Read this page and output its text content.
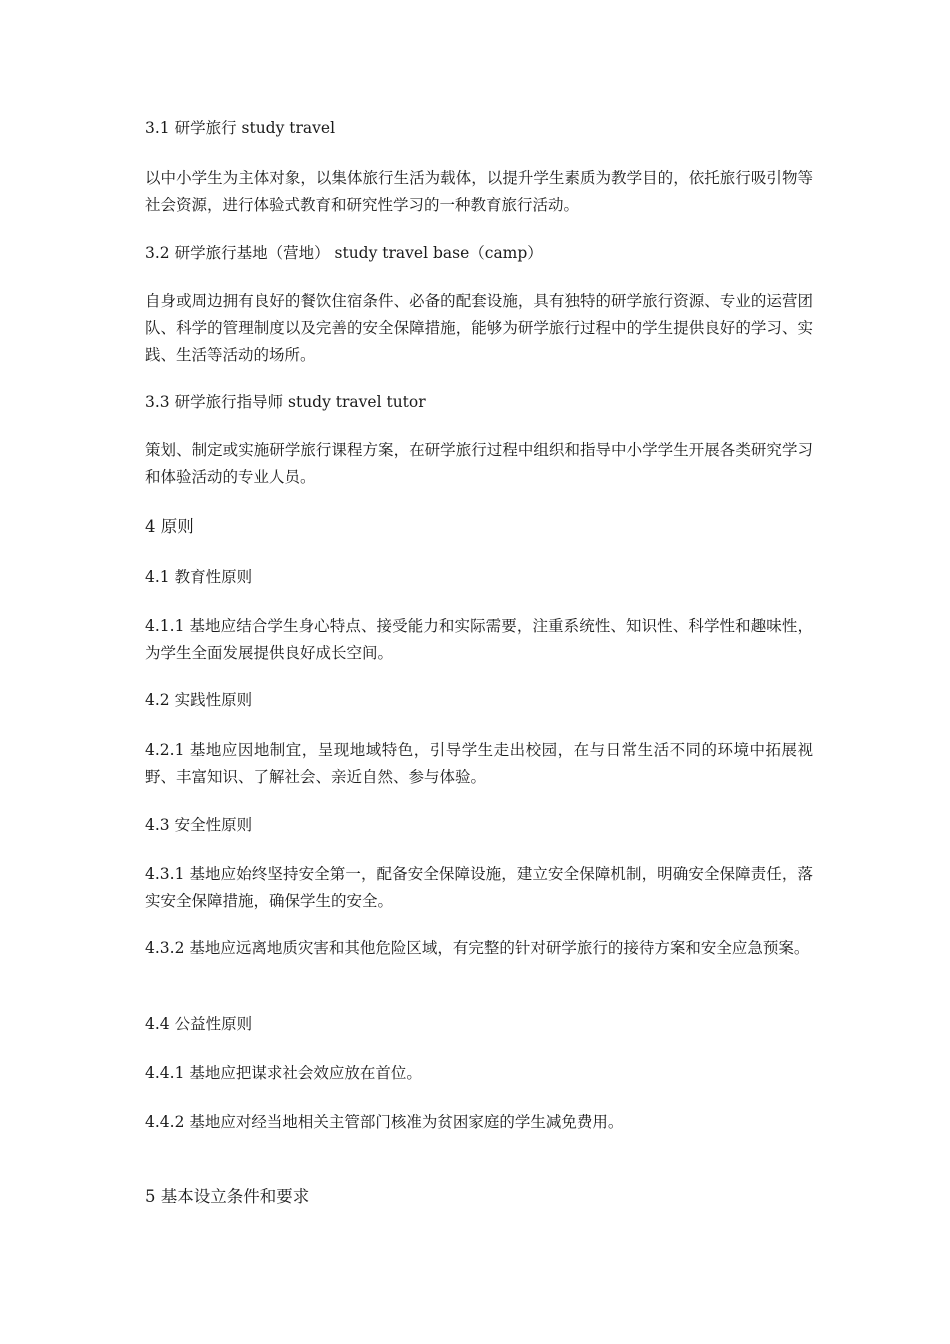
3.1 研学旅行 study travel
以中小学生为主体对象，以集体旅行生活为载体，以提升学生素质为教学目的，依托旅行吸引物等社会资源，进行体验式教育和研究性学习的一种教育旅行活动。
3.2 研学旅行基地（营地） study travel base（camp）
自身或周边拥有良好的餐饮住宿条件、必备的配套设施，具有独特的研学旅行资源、专业的运营团队、科学的管理制度以及完善的安全保障措施，能够为研学旅行过程中的学生提供良好的学习、实践、生活等活动的场所。
3.3 研学旅行指导师 study travel tutor
策划、制定或实施研学旅行课程方案，在研学旅行过程中组织和指导中小学学生开展各类研究学习和体验活动的专业人员。
4 原则
4.1 教育性原则
4.1.1 基地应结合学生身心特点、接受能力和实际需要，注重系统性、知识性、科学性和趣味性，为学生全面发展提供良好成长空间。
4.2 实践性原则
4.2.1 基地应因地制宜，呈现地域特色，引导学生走出校园，在与日常生活不同的环境中拓展视野、丰富知识、了解社会、亲近自然、参与体验。
4.3 安全性原则
4.3.1 基地应始终坚持安全第一，配备安全保障设施，建立安全保障机制，明确安全保障责任，落实安全保障措施，确保学生的安全。
4.3.2 基地应远离地质灾害和其他危险区域，有完整的针对研学旅行的接待方案和安全应急预案。
4.4 公益性原则
4.4.1 基地应把谋求社会效应放在首位。
4.4.2 基地应对经当地相关主管部门核准为贫困家庭的学生减免费用。
5 基本设立条件和要求
